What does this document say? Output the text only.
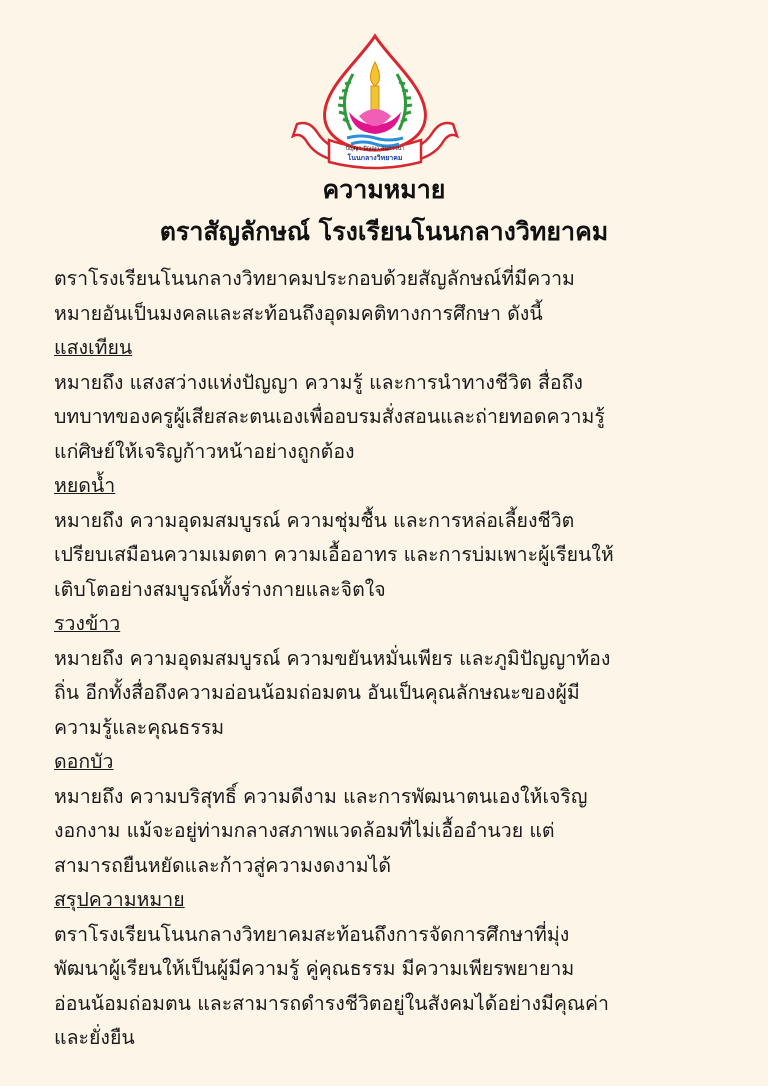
ปัญญา ปัญญา สมฺภาวนา
โนนกลางวิทยาคม
ความหมาย
ตราสัญลักษณ์ โรงเรียนโนนกลางวิทยาคม

ตราโรงเรียนโนนกลางวิทยาคมประกอบด้วยสัญลักษณ์ที่มีความ

หมายอันเป็นมงคลและสะท้อนถึงอุดมคติทางการศึกษา ดังนี้

แสงเทียน

หมายถึง แสงสว่างแห่งปัญญา ความรู้ และการนำทางชีวิต สื่อถึง

บทบาทของครูผู้เสียสละตนเองเพื่ออบรมสั่งสอนและถ่ายทอดความรู้

แก่ศิษย์ให้เจริญก้าวหน้าอย่างถูกต้อง

หยดน้ำ

หมายถึง ความอุดมสมบูรณ์ ความชุ่มชื้น และการหล่อเลี้ยงชีวิต

เปรียบเสมือนความเมตตา ความเอื้ออาทร และการบ่มเพาะผู้เรียนให้

เติบโตอย่างสมบูรณ์ทั้งร่างกายและจิตใจ

รวงข้าว

หมายถึง ความอุดมสมบูรณ์ ความขยันหมั่นเพียร และภูมิปัญญาท้อง

ถิ่น อีกทั้งสื่อถึงความอ่อนน้อมถ่อมตน อันเป็นคุณลักษณะของผู้มี

ความรู้และคุณธรรม

ดอกบัว

หมายถึง ความบริสุทธิ์ ความดีงาม และการพัฒนาตนเองให้เจริญ

งอกงาม แม้จะอยู่ท่ามกลางสภาพแวดล้อมที่ไม่เอื้ออำนวย แต่

สามารถยืนหยัดและก้าวสู่ความงดงามได้

สรุปความหมาย

ตราโรงเรียนโนนกลางวิทยาคมสะท้อนถึงการจัดการศึกษาที่มุ่ง

พัฒนาผู้เรียนให้เป็นผู้มีความรู้ คู่คุณธรรม มีความเพียรพยายาม

อ่อนน้อมถ่อมตน และสามารถดำรงชีวิตอยู่ในสังคมได้อย่างมีคุณค่า

และยั่งยืน
